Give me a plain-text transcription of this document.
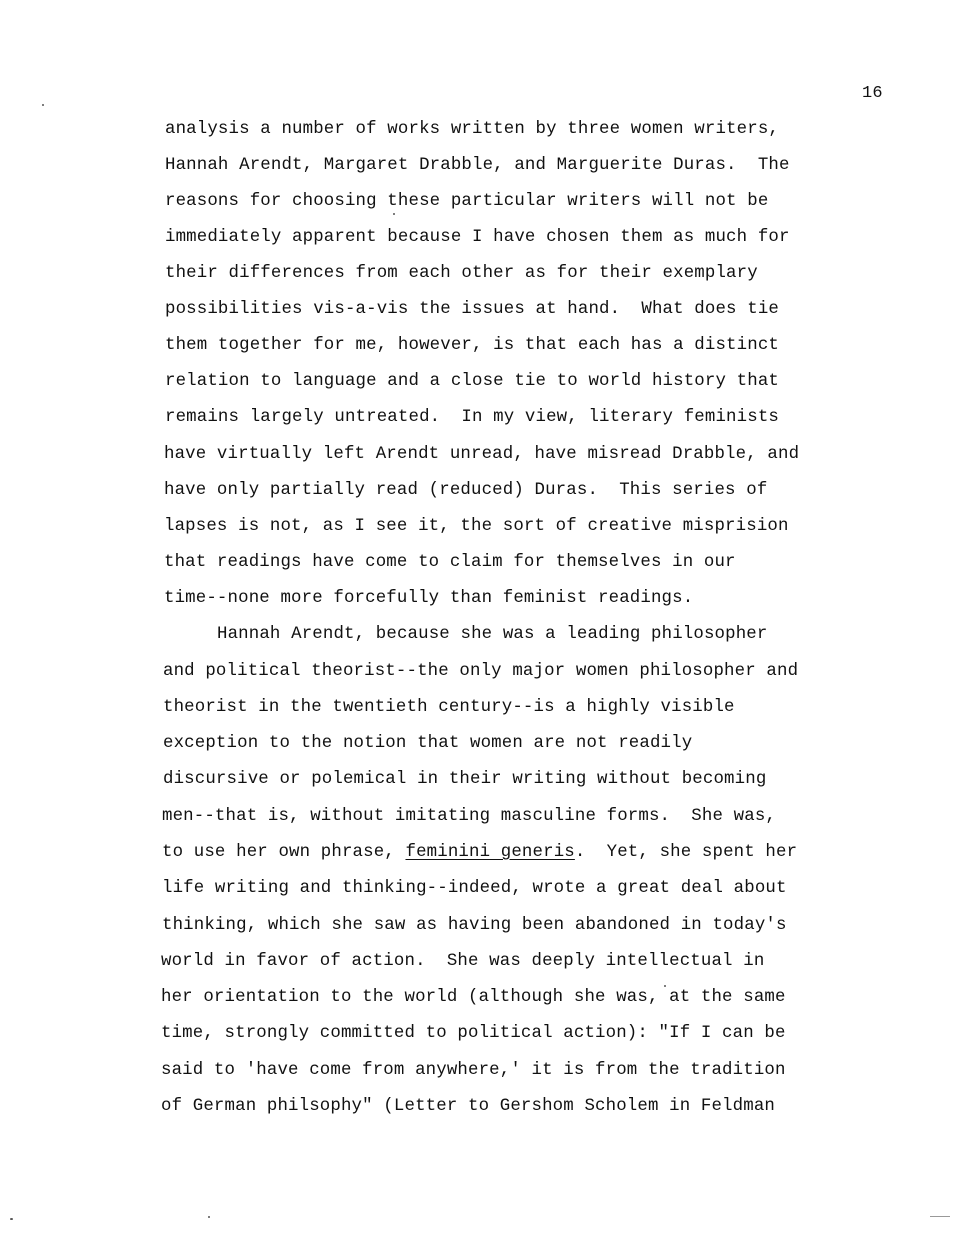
16
analysis a number of works written by three women writers,
Hannah Arendt, Margaret Drabble, and Marguerite Duras.  The
reasons for choosing these particular writers will not be
immediately apparent because I have chosen them as much for
their differences from each other as for their exemplary
possibilities vis-a-vis the issues at hand.  What does tie
them together for me, however, is that each has a distinct
relation to language and a close tie to world history that
remains largely untreated.  In my view, literary feminists
have virtually left Arendt unread, have misread Drabble, and
have only partially read (reduced) Duras.  This series of
lapses is not, as I see it, the sort of creative misprision
that readings have come to claim for themselves in our
time--none more forcefully than feminist readings.
Hannah Arendt, because she was a leading philosopher
and political theorist--the only major women philosopher and
theorist in the twentieth century--is a highly visible
exception to the notion that women are not readily
discursive or polemical in their writing without becoming
men--that is, without imitating masculine forms.  She was,
to use her own phrase, feminini generis.  Yet, she spent her
life writing and thinking--indeed, wrote a great deal about
thinking, which she saw as having been abandoned in today's
world in favor of action.  She was deeply intellectual in
her orientation to the world (although she was, at the same
time, strongly committed to political action): "If I can be
said to 'have come from anywhere,' it is from the tradition
of German philsophy" (Letter to Gershom Scholem in Feldman
